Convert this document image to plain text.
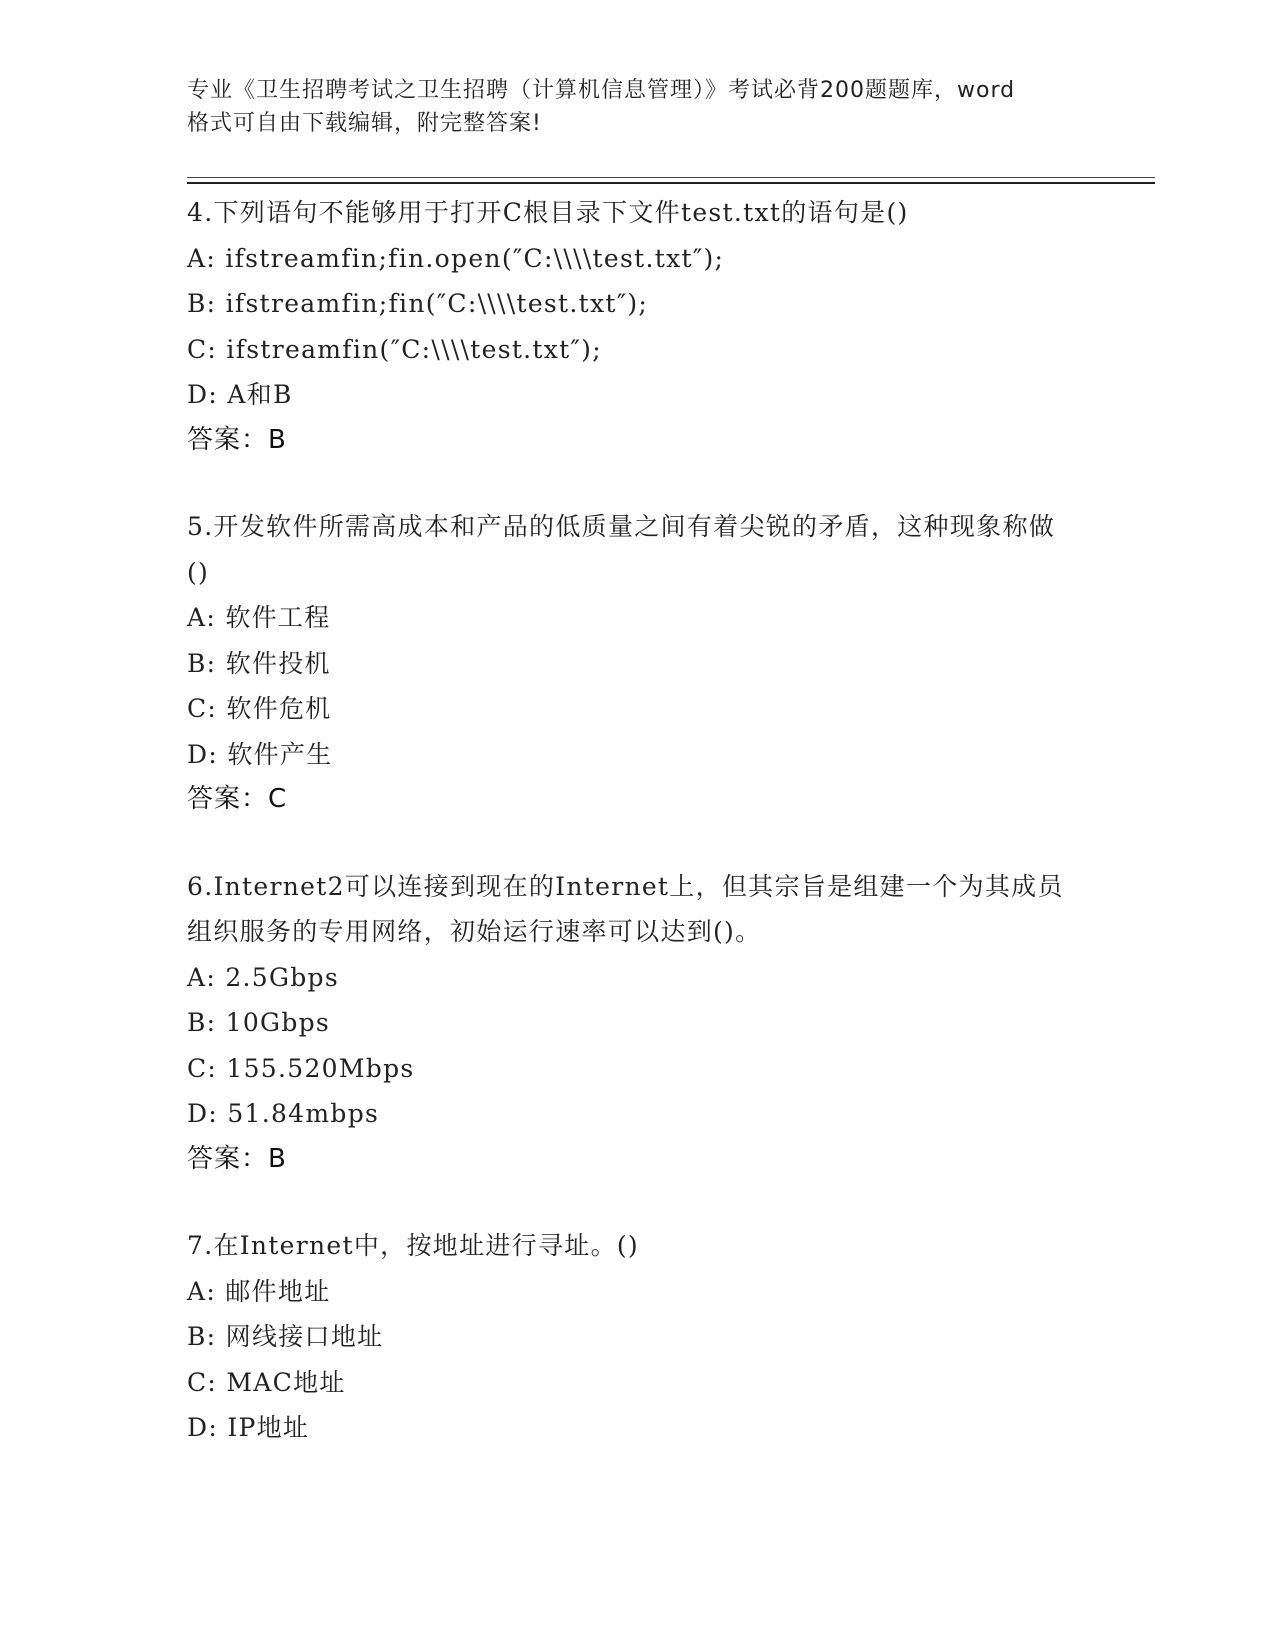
专业《卫生招聘考试之卫生招聘（计算机信息管理）》考试必背200题题库，word
格式可自由下载编辑，附完整答案!
4.下列语句不能够用于打开C根目录下文件test.txt的语句是()
A: ifstreamfin;fin.open(″C:\\\\test.txt″);
B: ifstreamfin;fin(″C:\\\\test.txt″);
C: ifstreamfin(″C:\\\\test.txt″);
D: A和B
答案：B
5.开发软件所需高成本和产品的低质量之间有着尖锐的矛盾，这种现象称做()
A: 软件工程
B: 软件投机
C: 软件危机
D: 软件产生
答案：C
6.Internet2可以连接到现在的Internet上，但其宗旨是组建一个为其成员组织服务的专用网络，初始运行速率可以达到()。
A: 2.5Gbps
B: 10Gbps
C: 155.520Mbps
D: 51.84mbps
答案：B
7.在Internet中，按地址进行寻址。()
A: 邮件地址
B: 网线接口地址
C: MAC地址
D: IP地址
